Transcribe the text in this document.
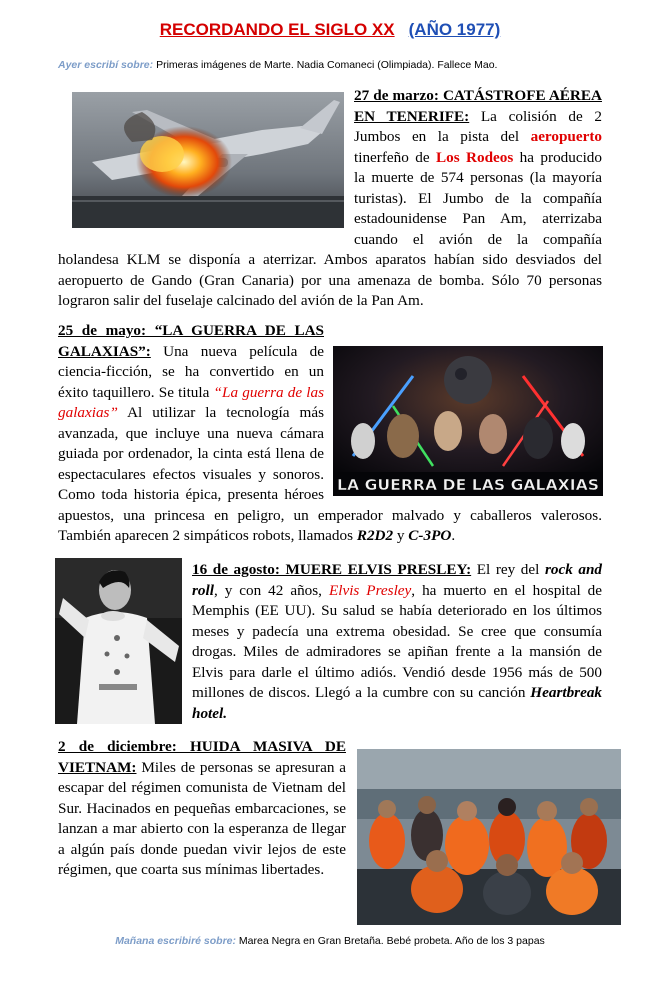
RECORDANDO EL SIGLO XX (AÑO 1977)
Ayer escribí sobre: Primeras imágenes de Marte. Nadia Comaneci (Olimpiada). Fallece Mao.

27 de marzo: CATÁSTROFE AÉREA EN TENERIFE: La colisión de 2 Jumbos en la pista del aeropuerto tinerfeño de Los Rodeos ha producido la muerte de 574 personas (la mayoría turistas). El Jumbo de la compañía estadounidense Pan Am, aterrizaba cuando el avión de la compañía holandesa KLM se disponía a aterrizar. Ambos aparatos habían sido desviados del aeropuerto de Gando (Gran Canaria) por una amenaza de bomba. Sólo 70 personas lograron salir del fuselaje calcinado del avión de la Pan Am.

LA GUERRA DE LAS GALAXIAS

25 de mayo: “LA GUERRA DE LAS GALAXIAS”: Una nueva película de ciencia-ficción, se ha convertido en un éxito taquillero. Se titula “La guerra de las galaxias” Al utilizar la tecnología más avanzada, que incluye una nueva cámara guiada por ordenador, la cinta está llena de espectaculares efectos visuales y sonoros. Como toda historia épica, presenta héroes apuestos, una princesa en peligro, un emperador malvado y caballeros valerosos. También aparecen 2 simpáticos robots, llamados R2D2 y C-3PO.

16 de agosto: MUERE ELVIS PRESLEY: El rey del rock and roll, y con 42 años, Elvis Presley, ha muerto en el hospital de Memphis (EE UU). Su salud se había deteriorado en los últimos meses y padecía una extrema obesidad. Se cree que consumía drogas. Miles de admiradores se apiñan frente a la mansión de Elvis para darle el último adiós. Vendió desde 1956 más de 500 millones de discos. Llegó a la cumbre con su canción Heartbreak hotel.

2 de diciembre: HUIDA MASIVA DE VIETNAM: Miles de personas se apresuran a escapar del régimen comunista de Vietnam del Sur. Hacinados en pequeñas embarcaciones, se lanzan a mar abierto con la esperanza de llegar a algún país donde puedan vivir lejos de este régimen, que coarta sus mínimas libertades.

Mañana escribiré sobre: Marea Negra en Gran Bretaña. Bebé probeta. Año de los 3 papas
